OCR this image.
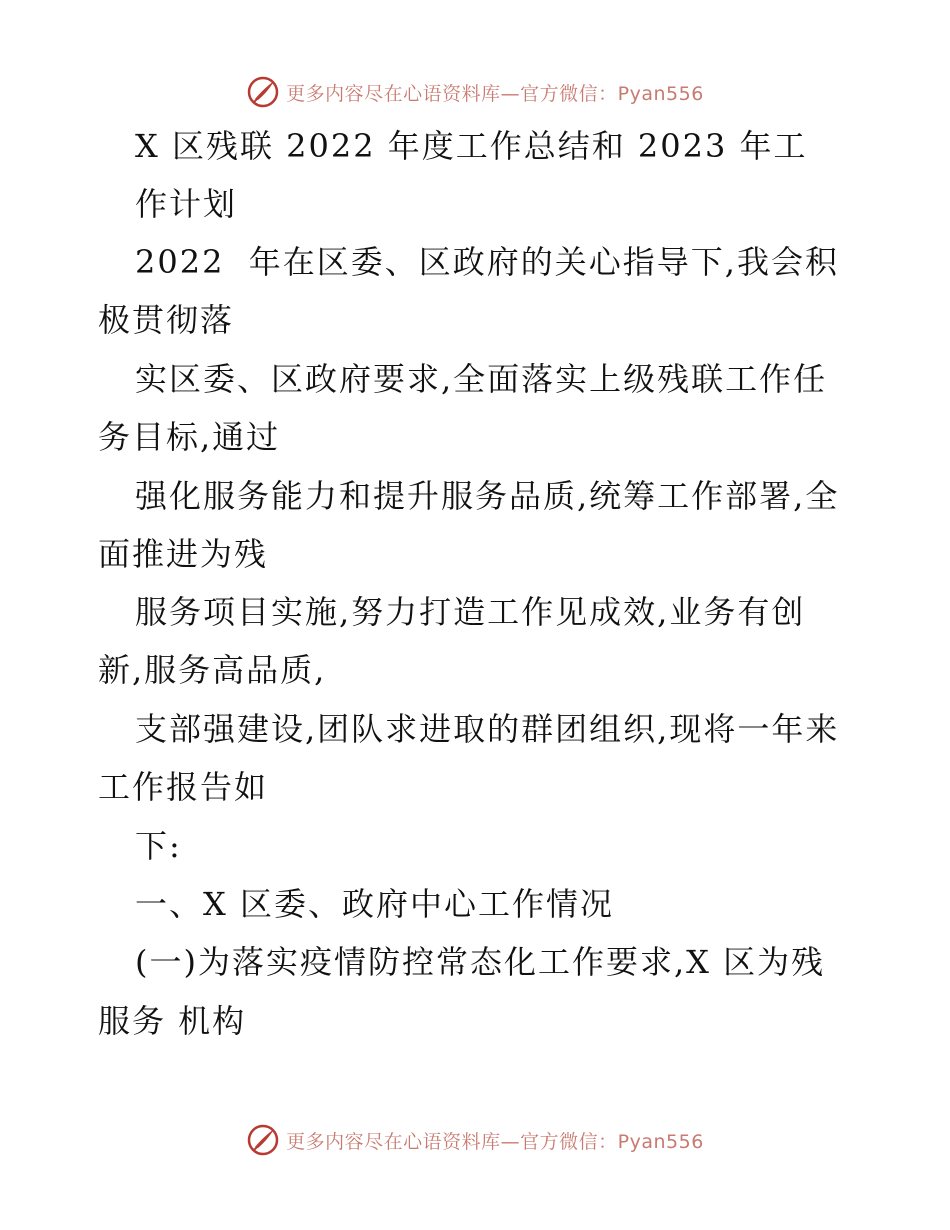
更多内容尽在心语资料库—官方微信：Pyan556
X 区残联 2022 年度工作总结和 2023 年工
作计划
2022  年在区委、区政府的关心指导下,我会积
极贯彻落
实区委、区政府要求,全面落实上级残联工作任
务目标,通过
强化服务能力和提升服务品质,统筹工作部署,全
面推进为残
服务项目实施,努力打造工作见成效,业务有创
新,服务高品质,
支部强建设,团队求进取的群团组织,现将一年来
工作报告如
下:
一、X 区委、政府中心工作情况
(一)为落实疫情防控常态化工作要求,X 区为残
服务 机构
更多内容尽在心语资料库—官方微信：Pyan556
